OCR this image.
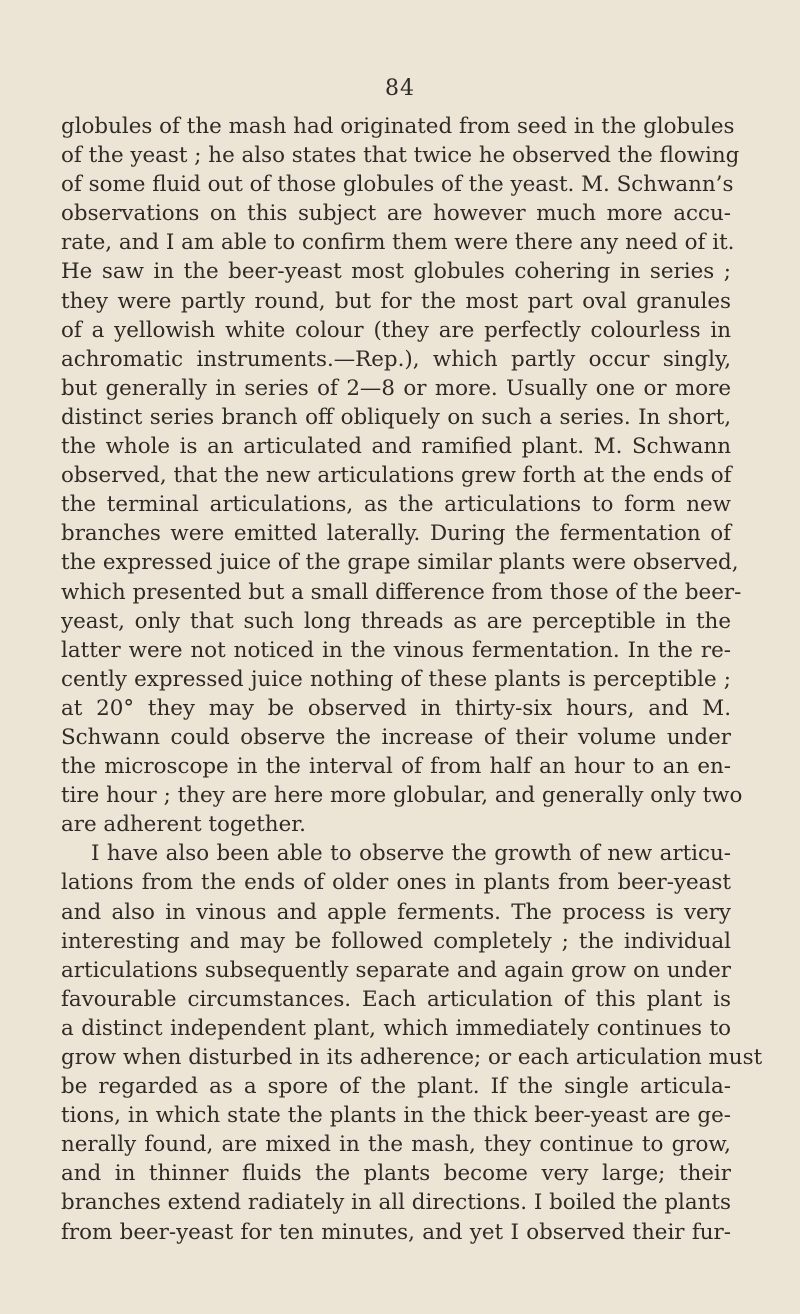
84
globules of the mash had originated from seed in the globules
of the yeast ; he also states that twice he observed the flowing
of some fluid out of those globules of the yeast. M. Schwann’s
observations on this subject are however much more accu-
rate, and I am able to confirm them were there any need of it.
He saw in the beer-yeast most globules cohering in series ;
they were partly round, but for the most part oval granules
of a yellowish white colour (they are perfectly colourless in
achromatic instruments.—Rep.), which partly occur singly,
but generally in series of 2—8 or more. Usually one or more
distinct series branch off obliquely on such a series. In short,
the whole is an articulated and ramified plant. M. Schwann
observed, that the new articulations grew forth at the ends of
the terminal articulations, as the articulations to form new
branches were emitted laterally. During the fermentation of
the expressed juice of the grape similar plants were observed,
which presented but a small difference from those of the beer-
yeast, only that such long threads as are perceptible in the
latter were not noticed in the vinous fermentation. In the re-
cently expressed juice nothing of these plants is perceptible ;
at 20° they may be observed in thirty-six hours, and M.
Schwann could observe the increase of their volume under
the microscope in the interval of from half an hour to an en-
tire hour ; they are here more globular, and generally only two
are adherent together.
I have also been able to observe the growth of new articu-
lations from the ends of older ones in plants from beer-yeast
and also in vinous and apple ferments. The process is very
interesting and may be followed completely ; the individual
articulations subsequently separate and again grow on under
favourable circumstances. Each articulation of this plant is
a distinct independent plant, which immediately continues to
grow when disturbed in its adherence; or each articulation must
be regarded as a spore of the plant. If the single articula-
tions, in which state the plants in the thick beer-yeast are ge-
nerally found, are mixed in the mash, they continue to grow,
and in thinner fluids the plants become very large; their
branches extend radiately in all directions. I boiled the plants
from beer-yeast for ten minutes, and yet I observed their fur-
